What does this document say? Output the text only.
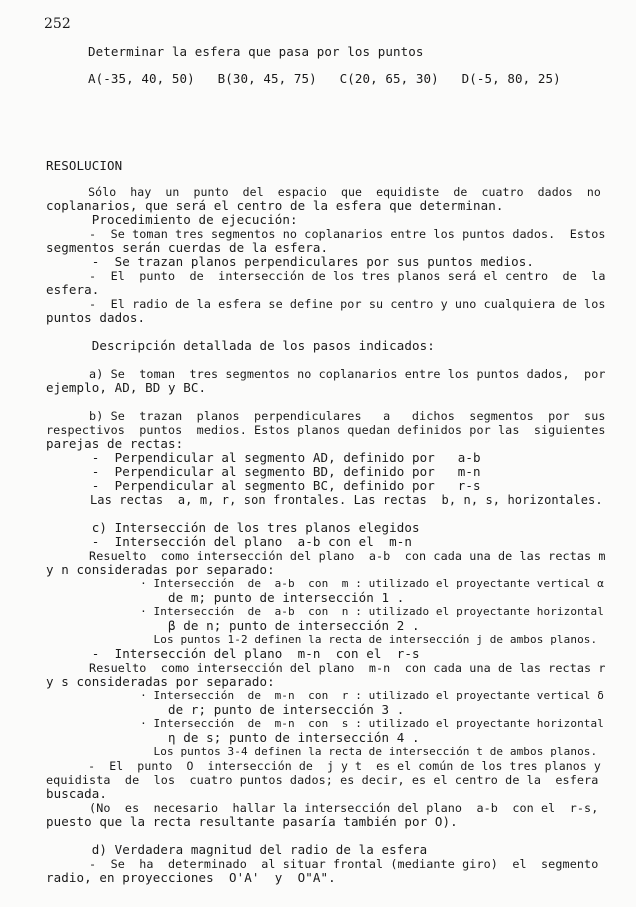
252
Determinar la esfera que pasa por los puntos
A(-35, 40, 50)   B(30, 45, 75)   C(20, 65, 30)   D(-5, 80, 25)
RESOLUCION
Sólo  hay  un  punto  del  espacio  que  equidiste  de  cuatro  dados  no
coplanarios, que será el centro de la esfera que determinan.
Procedimiento de ejecución:
-  Se toman tres segmentos no coplanarios entre los puntos dados.  Estos
segmentos serán cuerdas de la esfera.
-  Se trazan planos perpendiculares por sus puntos medios.
-  El  punto  de  intersección de los tres planos será el centro  de  la
esfera.
-  El radio de la esfera se define por su centro y uno cualquiera de los
puntos dados.
Descripción detallada de los pasos indicados:
a) Se  toman  tres segmentos no coplanarios entre los puntos dados,  por
ejemplo, AD, BD y BC.
b) Se  trazan  planos  perpendiculares   a   dichos  segmentos  por  sus
respectivos  puntos  medios. Estos planos quedan definidos por las  siguientes
parejas de rectas:
-  Perpendicular al segmento AD, definido por   a-b
-  Perpendicular al segmento BD, definido por   m-n
-  Perpendicular al segmento BC, definido por   r-s
Las rectas  a, m, r, son frontales. Las rectas  b, n, s, horizontales.
c) Intersección de los tres planos elegidos
-  Intersección del plano  a-b con el  m-n
Resuelto  como intersección del plano  a-b  con cada una de las rectas m
y n consideradas por separado:
· Intersección  de  a-b  con  m : utilizado el proyectante vertical α
de m; punto de intersección 1 .
· Intersección  de  a-b  con  n : utilizado el proyectante horizontal
β de n; punto de intersección 2 .
Los puntos 1-2 definen la recta de intersección j de ambos planos.
-  Intersección del plano  m-n  con el  r-s
Resuelto  como intersección del plano  m-n  con cada una de las rectas r
y s consideradas por separado:
· Intersección  de  m-n  con  r : utilizado el proyectante vertical δ
de r; punto de intersección 3 .
· Intersección  de  m-n  con  s : utilizado el proyectante horizontal
η de s; punto de intersección 4 .
Los puntos 3-4 definen la recta de intersección t de ambos planos.
-  El  punto  O  intersección de  j y t  es el común de los tres planos y
equidista  de  los  cuatro puntos dados; es decir, es el centro de la  esfera
buscada.
(No  es  necesario  hallar la intersección del plano  a-b  con el  r-s,
puesto que la recta resultante pasaría también por O).
d) Verdadera magnitud del radio de la esfera
-  Se  ha  determinado  al situar frontal (mediante giro)  el  segmento
radio, en proyecciones  O'A'  y  O"A".
